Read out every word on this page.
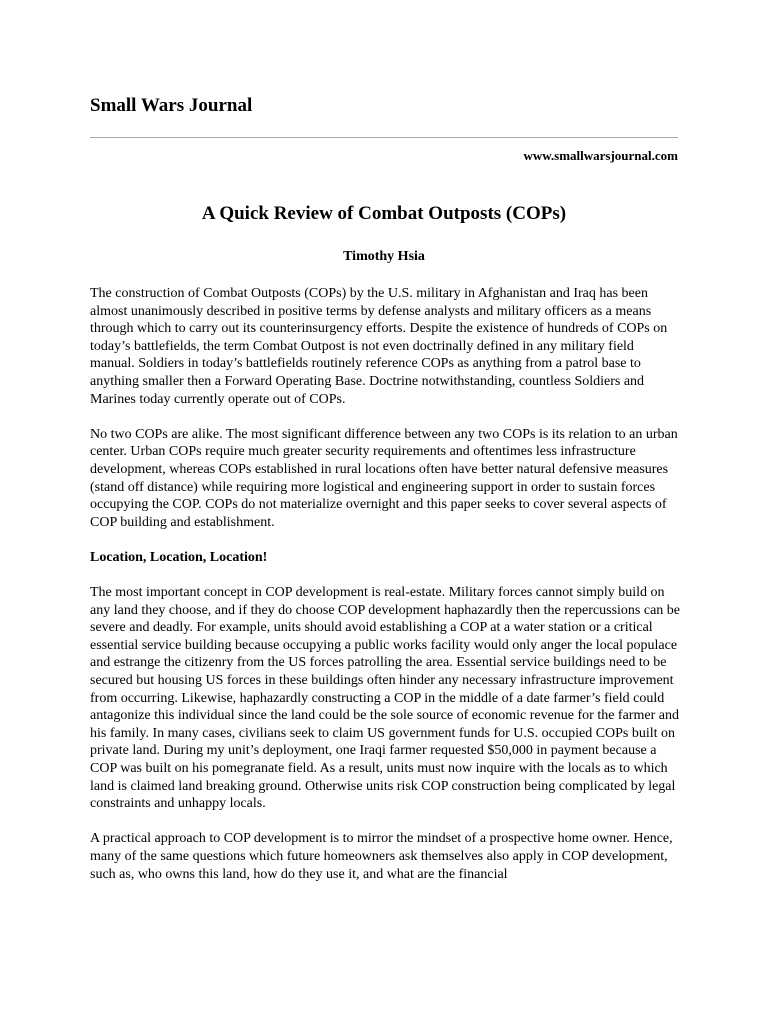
Small Wars Journal
www.smallwarsjournal.com
A Quick Review of Combat Outposts (COPs)
Timothy Hsia

The construction of Combat Outposts (COPs) by the U.S. military in Afghanistan and Iraq has been almost unanimously described in positive terms by defense analysts and military officers as a means through which to carry out its counterinsurgency efforts. Despite the existence of hundreds of COPs on today’s battlefields, the term Combat Outpost is not even doctrinally defined in any military field manual. Soldiers in today’s battlefields routinely reference COPs as anything from a patrol base to anything smaller then a Forward Operating Base. Doctrine notwithstanding, countless Soldiers and Marines today currently operate out of COPs.

No two COPs are alike. The most significant difference between any two COPs is its relation to an urban center. Urban COPs require much greater security requirements and oftentimes less infrastructure development, whereas COPs established in rural locations often have better natural defensive measures (stand off distance) while requiring more logistical and engineering support in order to sustain forces occupying the COP. COPs do not materialize overnight and this paper seeks to cover several aspects of COP building and establishment.

Location, Location, Location!

The most important concept in COP development is real-estate. Military forces cannot simply build on any land they choose, and if they do choose COP development haphazardly then the repercussions can be severe and deadly. For example, units should avoid establishing a COP at a water station or a critical essential service building because occupying a public works facility would only anger the local populace and estrange the citizenry from the US forces patrolling the area. Essential service buildings need to be secured but housing US forces in these buildings often hinder any necessary infrastructure improvement from occurring. Likewise, haphazardly constructing a COP in the middle of a date farmer’s field could antagonize this individual since the land could be the sole source of economic revenue for the farmer and his family. In many cases, civilians seek to claim US government funds for U.S. occupied COPs built on private land. During my unit’s deployment, one Iraqi farmer requested $50,000 in payment because a COP was built on his pomegranate field. As a result, units must now inquire with the locals as to which land is claimed land breaking ground. Otherwise units risk COP construction being complicated by legal constraints and unhappy locals.

A practical approach to COP development is to mirror the mindset of a prospective home owner. Hence, many of the same questions which future homeowners ask themselves also apply in COP development, such as, who owns this land, how do they use it, and what are the financial
